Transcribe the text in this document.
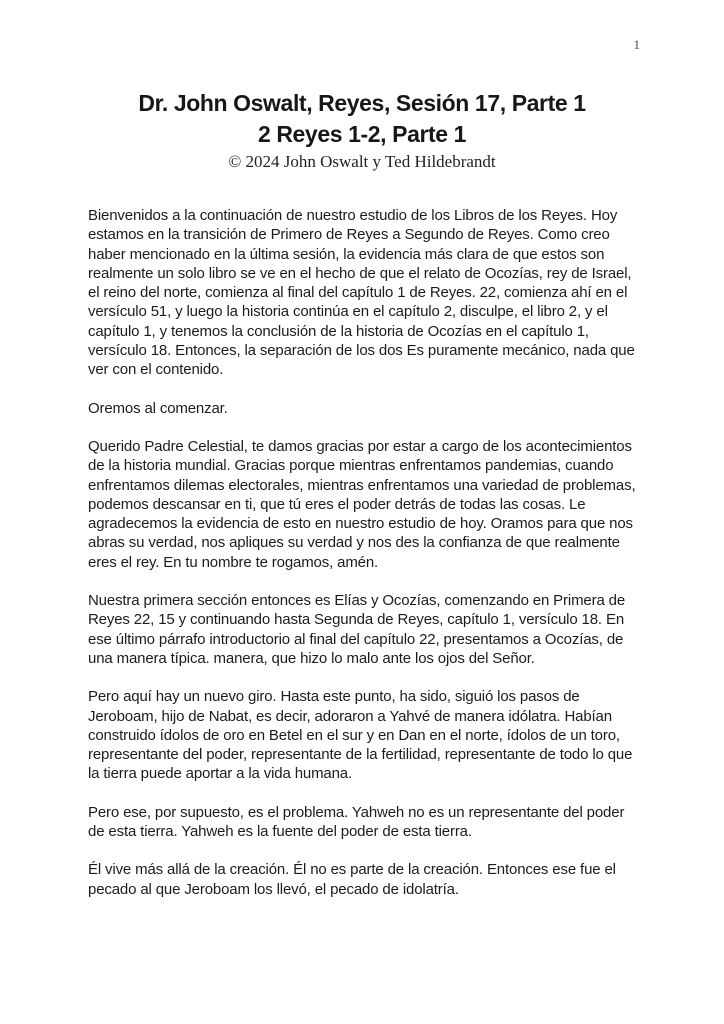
1
Dr. John Oswalt, Reyes, Sesión 17, Parte 1
2 Reyes 1-2, Parte 1
© 2024 John Oswalt y Ted Hildebrandt

Bienvenidos a la continuación de nuestro estudio de los Libros de los Reyes. Hoy estamos en la transición de Primero de Reyes a Segundo de Reyes. Como creo haber mencionado en la última sesión, la evidencia más clara de que estos son realmente un solo libro se ve en el hecho de que el relato de Ocozías, rey de Israel, el reino del norte, comienza al final del capítulo 1 de Reyes. 22, comienza ahí en el versículo 51, y luego la historia continúa en el capítulo 2, disculpe, el libro 2, y el capítulo 1, y tenemos la conclusión de la historia de Ocozías en el capítulo 1, versículo 18. Entonces, la separación de los dos Es puramente mecánico, nada que ver con el contenido.

Oremos al comenzar.

Querido Padre Celestial, te damos gracias por estar a cargo de los acontecimientos de la historia mundial. Gracias porque mientras enfrentamos pandemias, cuando enfrentamos dilemas electorales, mientras enfrentamos una variedad de problemas, podemos descansar en ti, que tú eres el poder detrás de todas las cosas. Le agradecemos la evidencia de esto en nuestro estudio de hoy. Oramos para que nos abras su verdad, nos apliques su verdad y nos des la confianza de que realmente eres el rey. En tu nombre te rogamos, amén.

Nuestra primera sección entonces es Elías y Ocozías, comenzando en Primera de Reyes 22, 15 y continuando hasta Segunda de Reyes, capítulo 1, versículo 18. En ese último párrafo introductorio al final del capítulo 22, presentamos a Ocozías, de una manera típica. manera, que hizo lo malo ante los ojos del Señor.

Pero aquí hay un nuevo giro. Hasta este punto, ha sido, siguió los pasos de Jeroboam, hijo de Nabat, es decir, adoraron a Yahvé de manera idólatra. Habían construido ídolos de oro en Betel en el sur y en Dan en el norte, ídolos de un toro, representante del poder, representante de la fertilidad, representante de todo lo que la tierra puede aportar a la vida humana.

Pero ese, por supuesto, es el problema. Yahweh no es un representante del poder de esta tierra. Yahweh es la fuente del poder de esta tierra.

Él vive más allá de la creación. Él no es parte de la creación. Entonces ese fue el pecado al que Jeroboam los llevó, el pecado de idolatría.
